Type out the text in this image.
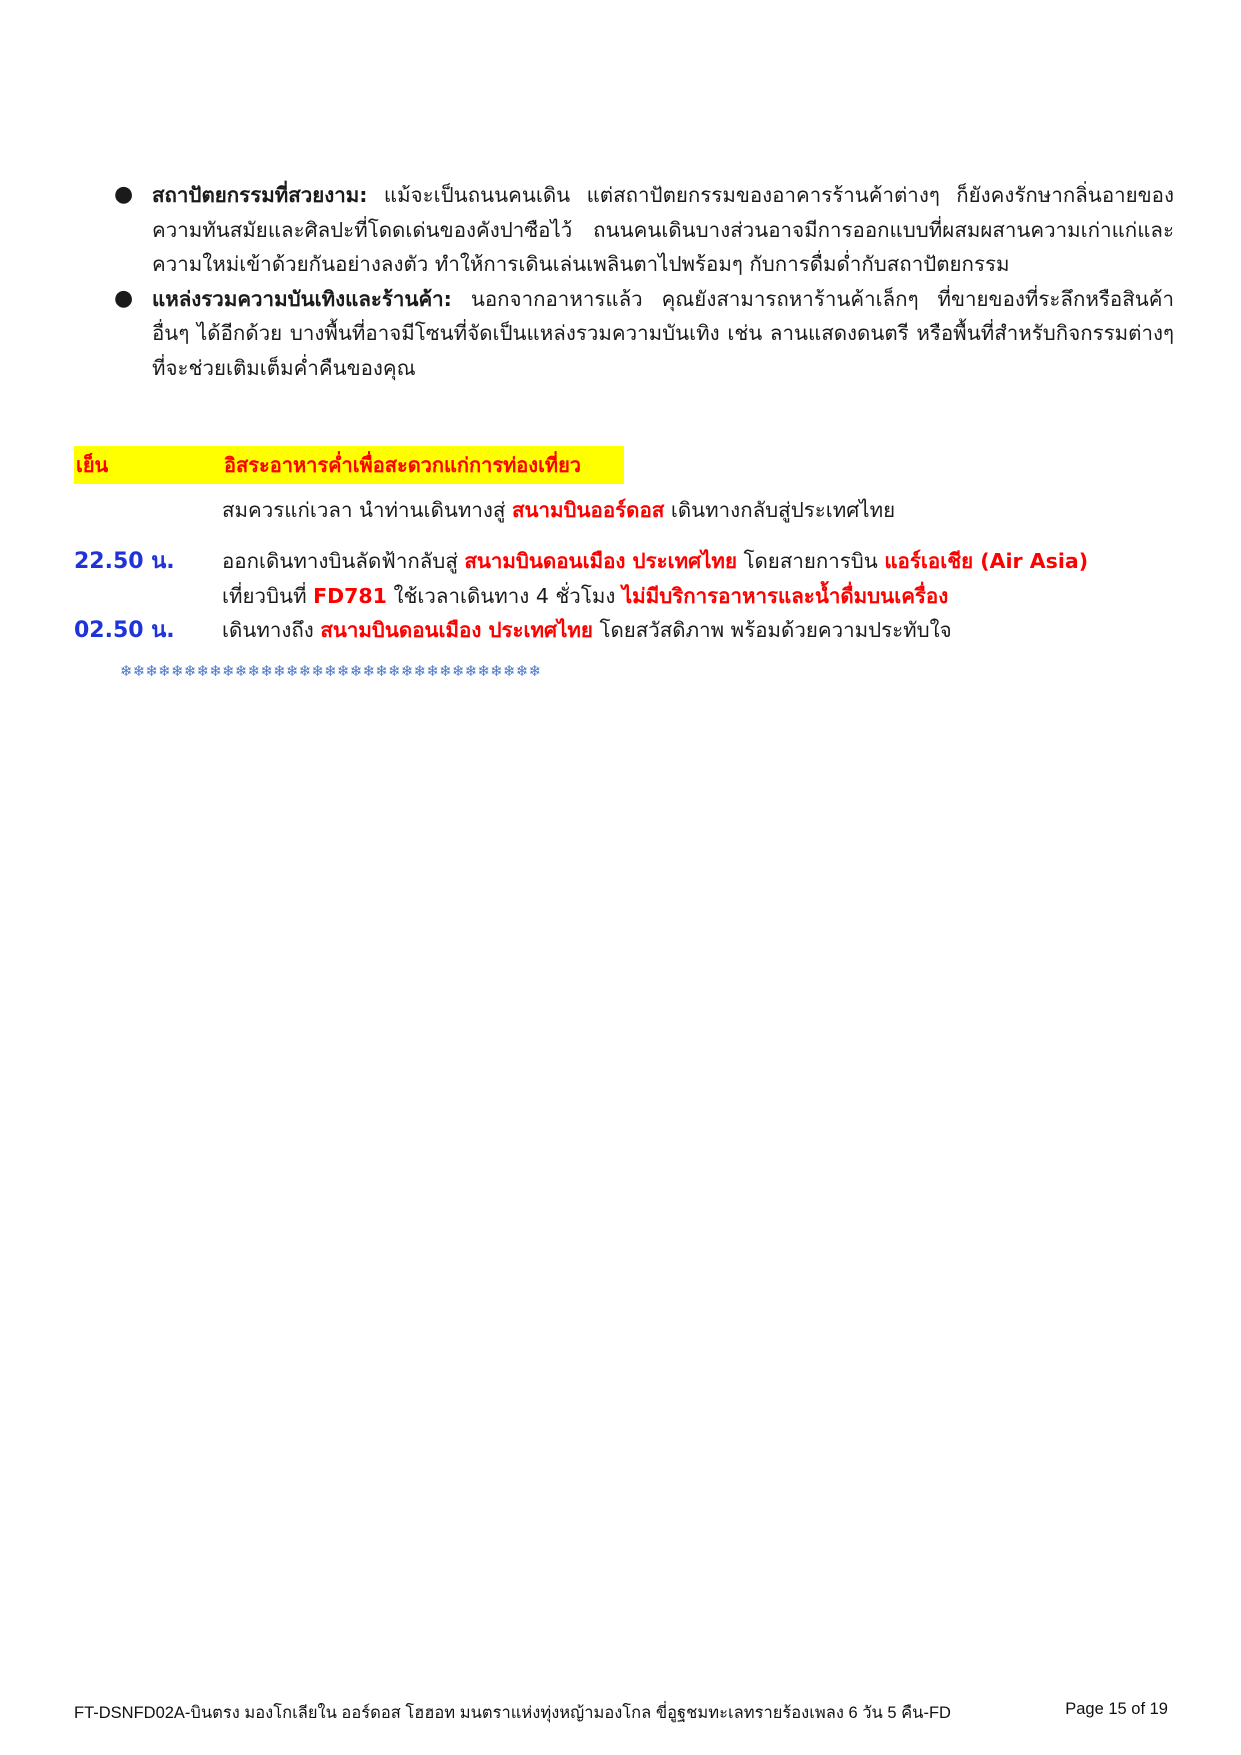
● สถาปัตยกรรมที่สวยงาม: แม้จะเป็นถนนคนเดิน แต่สถาปัตยกรรมของอาคารร้านค้าต่างๆ ก็ยังคงรักษากลิ่นอายของความทันสมัยและศิลปะที่โดดเด่นของคังปาซือไว้ ถนนคนเดินบางส่วนอาจมีการออกแบบที่ผสมผสานความเก่าแก่และความใหม่เข้าด้วยกันอย่างลงตัว ทำให้การเดินเล่นเพลินตาไปพร้อมๆ กับการดื่มด่ำกับสถาปัตยกรรม
● แหล่งรวมความบันเทิงและร้านค้า: นอกจากอาหารแล้ว คุณยังสามารถหาร้านค้าเล็กๆ ที่ขายของที่ระลึกหรือสินค้าอื่นๆ ได้อีกด้วย บางพื้นที่อาจมีโซนที่จัดเป็นแหล่งรวมความบันเทิง เช่น ลานแสดงดนตรี หรือพื้นที่สำหรับกิจกรรมต่างๆ ที่จะช่วยเติมเต็มค่ำคืนของคุณ
เย็น	อิสระอาหารค่ำเพื่อสะดวกแก่การท่องเที่ยว
สมควรแก่เวลา นำท่านเดินทางสู่ สนามบินออร์ดอส เดินทางกลับสู่ประเทศไทย
22.50 น. ออกเดินทางบินลัดฟ้ากลับสู่ สนามบินดอนเมือง ประเทศไทย โดยสายการบิน แอร์เอเชีย (Air Asia)
เที่ยวบินที่ FD781 ใช้เวลาเดินทาง 4 ชั่วโมง ไม่มีบริการอาหารและน้ำดื่มบนเครื่อง
02.50 น. เดินทางถึง สนามบินดอนเมือง ประเทศไทย โดยสวัสดิภาพ พร้อมด้วยความประทับใจ
❄❄❄❄❄❄❄❄❄❄❄❄❄❄❄❄❄❄❄❄❄❄❄❄❄❄❄❄❄❄❄❄❄
FT-DSNFD02A-บินตรง มองโกเลียใน ออร์ดอส โฮฮอท มนตราแห่งทุ่งหญ้ามองโกล ขี่อูฐชมทะเลทรายร้องเพลง 6 วัน 5 คืน-FD	Page 15 of 19
